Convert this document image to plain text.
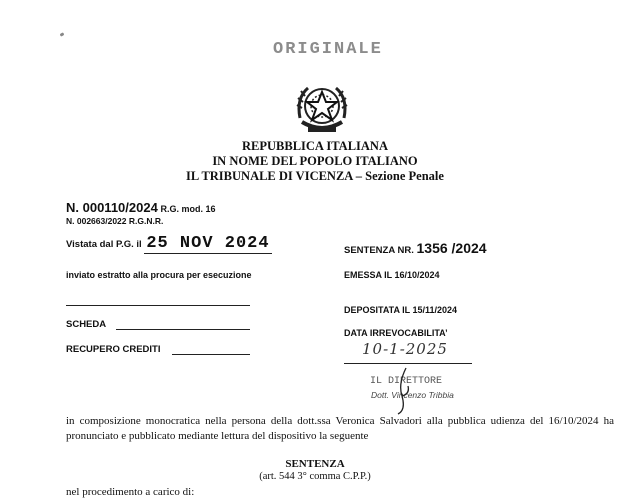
ORIGINALE
REPUBBLICA ITALIANA
IN NOME DEL POPOLO ITALIANO
IL TRIBUNALE DI VICENZA – Sezione Penale
N. 000110/2024 R.G. mod. 16
N. 002663/2022 R.G.N.R.
Vistata dal P.G. il 25 NOV 2024
inviato estratto alla procura per esecuzione
SCHEDA
RECUPERO CREDITI
SENTENZA NR. 1356 /2024
EMESSA IL 16/10/2024
DEPOSITATA IL 15/11/2024
DATA IRREVOCABILITA’
10-1-2025
IL DIRETTORE
Dott. Vincenzo Tribbia
in composizione monocratica nella persona della dott.ssa Veronica Salvadori alla pubblica udienza del 16/10/2024 ha pronunciato e pubblicato mediante lettura del dispositivo la seguente
SENTENZA
(art. 544 3° comma C.P.P.)
nel procedimento a carico di:
